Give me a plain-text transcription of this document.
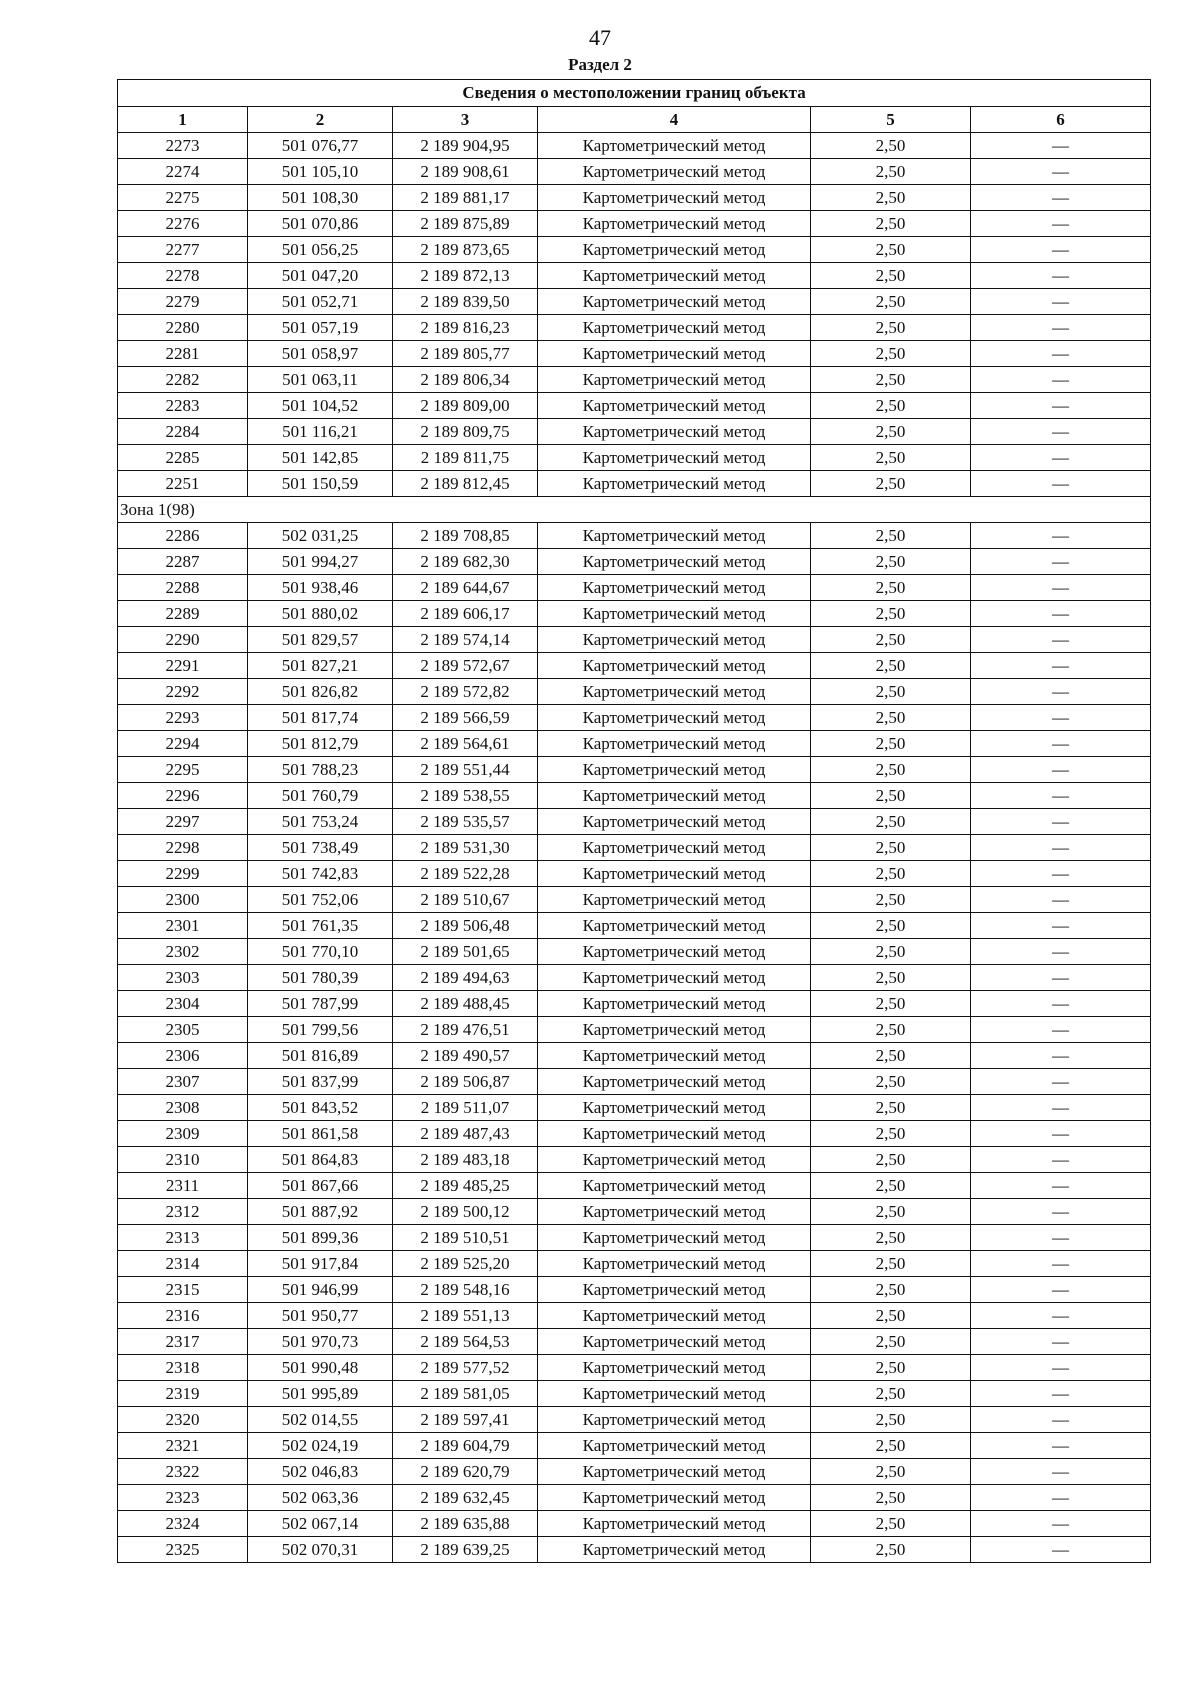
47
Раздел 2
Сведения о местоположении границ объекта					
1	2	3	4	5	6
2273	501 076,77	2 189 904,95	Картометрический метод	2,50	—
2274	501 105,10	2 189 908,61	Картометрический метод	2,50	—
2275	501 108,30	2 189 881,17	Картометрический метод	2,50	—
2276	501 070,86	2 189 875,89	Картометрический метод	2,50	—
2277	501 056,25	2 189 873,65	Картометрический метод	2,50	—
2278	501 047,20	2 189 872,13	Картометрический метод	2,50	—
2279	501 052,71	2 189 839,50	Картометрический метод	2,50	—
2280	501 057,19	2 189 816,23	Картометрический метод	2,50	—
2281	501 058,97	2 189 805,77	Картометрический метод	2,50	—
2282	501 063,11	2 189 806,34	Картометрический метод	2,50	—
2283	501 104,52	2 189 809,00	Картометрический метод	2,50	—
2284	501 116,21	2 189 809,75	Картометрический метод	2,50	—
2285	501 142,85	2 189 811,75	Картометрический метод	2,50	—
2251	501 150,59	2 189 812,45	Картометрический метод	2,50	—
Зона 1(98)					
2286	502 031,25	2 189 708,85	Картометрический метод	2,50	—
2287	501 994,27	2 189 682,30	Картометрический метод	2,50	—
2288	501 938,46	2 189 644,67	Картометрический метод	2,50	—
2289	501 880,02	2 189 606,17	Картометрический метод	2,50	—
2290	501 829,57	2 189 574,14	Картометрический метод	2,50	—
2291	501 827,21	2 189 572,67	Картометрический метод	2,50	—
2292	501 826,82	2 189 572,82	Картометрический метод	2,50	—
2293	501 817,74	2 189 566,59	Картометрический метод	2,50	—
2294	501 812,79	2 189 564,61	Картометрический метод	2,50	—
2295	501 788,23	2 189 551,44	Картометрический метод	2,50	—
2296	501 760,79	2 189 538,55	Картометрический метод	2,50	—
2297	501 753,24	2 189 535,57	Картометрический метод	2,50	—
2298	501 738,49	2 189 531,30	Картометрический метод	2,50	—
2299	501 742,83	2 189 522,28	Картометрический метод	2,50	—
2300	501 752,06	2 189 510,67	Картометрический метод	2,50	—
2301	501 761,35	2 189 506,48	Картометрический метод	2,50	—
2302	501 770,10	2 189 501,65	Картометрический метод	2,50	—
2303	501 780,39	2 189 494,63	Картометрический метод	2,50	—
2304	501 787,99	2 189 488,45	Картометрический метод	2,50	—
2305	501 799,56	2 189 476,51	Картометрический метод	2,50	—
2306	501 816,89	2 189 490,57	Картометрический метод	2,50	—
2307	501 837,99	2 189 506,87	Картометрический метод	2,50	—
2308	501 843,52	2 189 511,07	Картометрический метод	2,50	—
2309	501 861,58	2 189 487,43	Картометрический метод	2,50	—
2310	501 864,83	2 189 483,18	Картометрический метод	2,50	—
2311	501 867,66	2 189 485,25	Картометрический метод	2,50	—
2312	501 887,92	2 189 500,12	Картометрический метод	2,50	—
2313	501 899,36	2 189 510,51	Картометрический метод	2,50	—
2314	501 917,84	2 189 525,20	Картометрический метод	2,50	—
2315	501 946,99	2 189 548,16	Картометрический метод	2,50	—
2316	501 950,77	2 189 551,13	Картометрический метод	2,50	—
2317	501 970,73	2 189 564,53	Картометрический метод	2,50	—
2318	501 990,48	2 189 577,52	Картометрический метод	2,50	—
2319	501 995,89	2 189 581,05	Картометрический метод	2,50	—
2320	502 014,55	2 189 597,41	Картометрический метод	2,50	—
2321	502 024,19	2 189 604,79	Картометрический метод	2,50	—
2322	502 046,83	2 189 620,79	Картометрический метод	2,50	—
2323	502 063,36	2 189 632,45	Картометрический метод	2,50	—
2324	502 067,14	2 189 635,88	Картометрический метод	2,50	—
2325	502 070,31	2 189 639,25	Картометрический метод	2,50	—
